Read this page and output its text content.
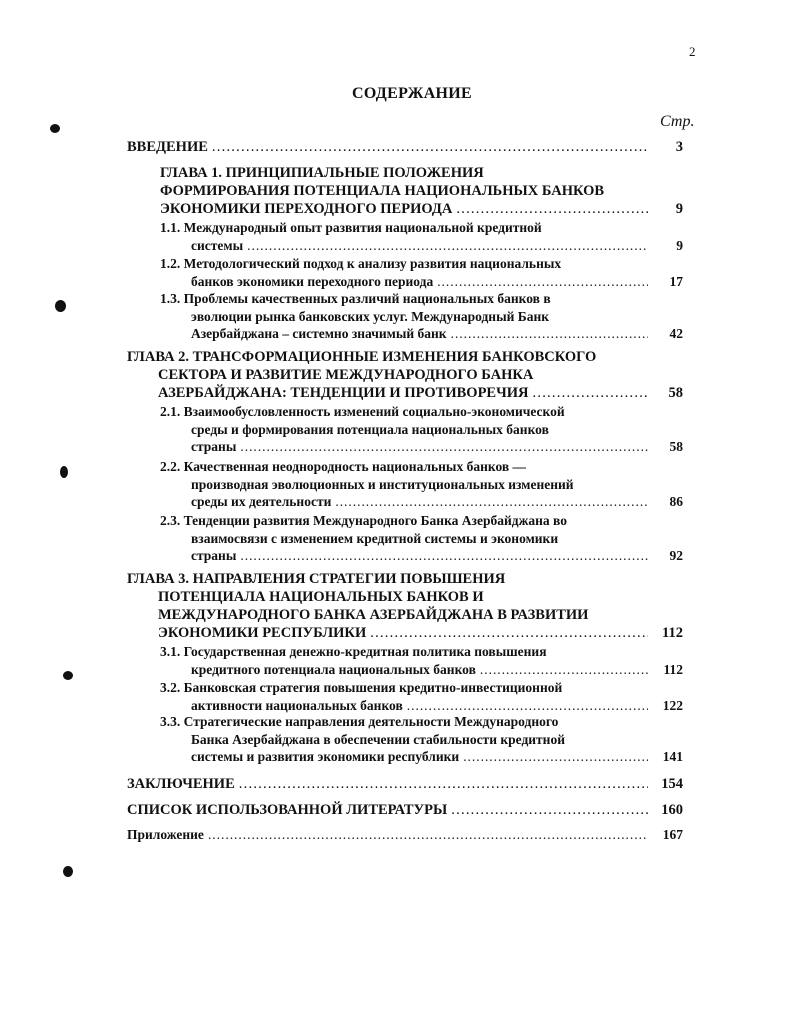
2
СОДЕРЖАНИЕ
Стр.
ВВЕДЕНИЕ . . .	3
ГЛАВА 1. ПРИНЦИПИАЛЬНЫЕ ПОЛОЖЕНИЯ
ФОРМИРОВАНИЯ ПОТЕНЦИАЛА НАЦИОНАЛЬНЫХ БАНКОВ
ЭКОНОМИКИ ПЕРЕХОДНОГО ПЕРИОДА . . .	9
1.1. Международный опыт развития национальной кредитной
системы . . .	9
1.2. Методологический подход к анализу развития национальных
банков экономики переходного периода . . .	17
1.3. Проблемы качественных различий национальных банков в
эволюции рынка банковских услуг. Международный Банк
Азербайджана – системно значимый банк . . .	42
ГЛАВА 2. ТРАНСФОРМАЦИОННЫЕ ИЗМЕНЕНИЯ БАНКОВСКОГО
СЕКТОРА И РАЗВИТИЕ МЕЖДУНАРОДНОГО БАНКА
АЗЕРБАЙДЖАНА: ТЕНДЕНЦИИ И ПРОТИВОРЕЧИЯ . . .	58
2.1. Взаимообусловленность изменений социально-экономической
среды и формирования потенциала национальных банков
страны . . .	58
2.2. Качественная неоднородность национальных банков —
производная эволюционных и институциональных изменений
среды их деятельности . . .	86
2.3. Тенденции развития Международного Банка Азербайджана во
взаимосвязи с изменением кредитной системы и экономики
страны . . .	92
ГЛАВА 3. НАПРАВЛЕНИЯ СТРАТЕГИИ ПОВЫШЕНИЯ
ПОТЕНЦИАЛА НАЦИОНАЛЬНЫХ БАНКОВ И
МЕЖДУНАРОДНОГО БАНКА АЗЕРБАЙДЖАНА В РАЗВИТИИ
ЭКОНОМИКИ РЕСПУБЛИКИ . . .	112
3.1. Государственная денежно-кредитная политика повышения
кредитного потенциала национальных банков . . .	112
3.2. Банковская стратегия повышения кредитно-инвестиционной
активности национальных банков . . .	122
3.3. Стратегические направления деятельности Международного
Банка Азербайджана в обеспечении стабильности кредитной
системы и развития экономики республики . . .	141
ЗАКЛЮЧЕНИЕ . . .	154
СПИСОК ИСПОЛЬЗОВАННОЙ ЛИТЕРАТУРЫ . . .	160
Приложение . . .	167
